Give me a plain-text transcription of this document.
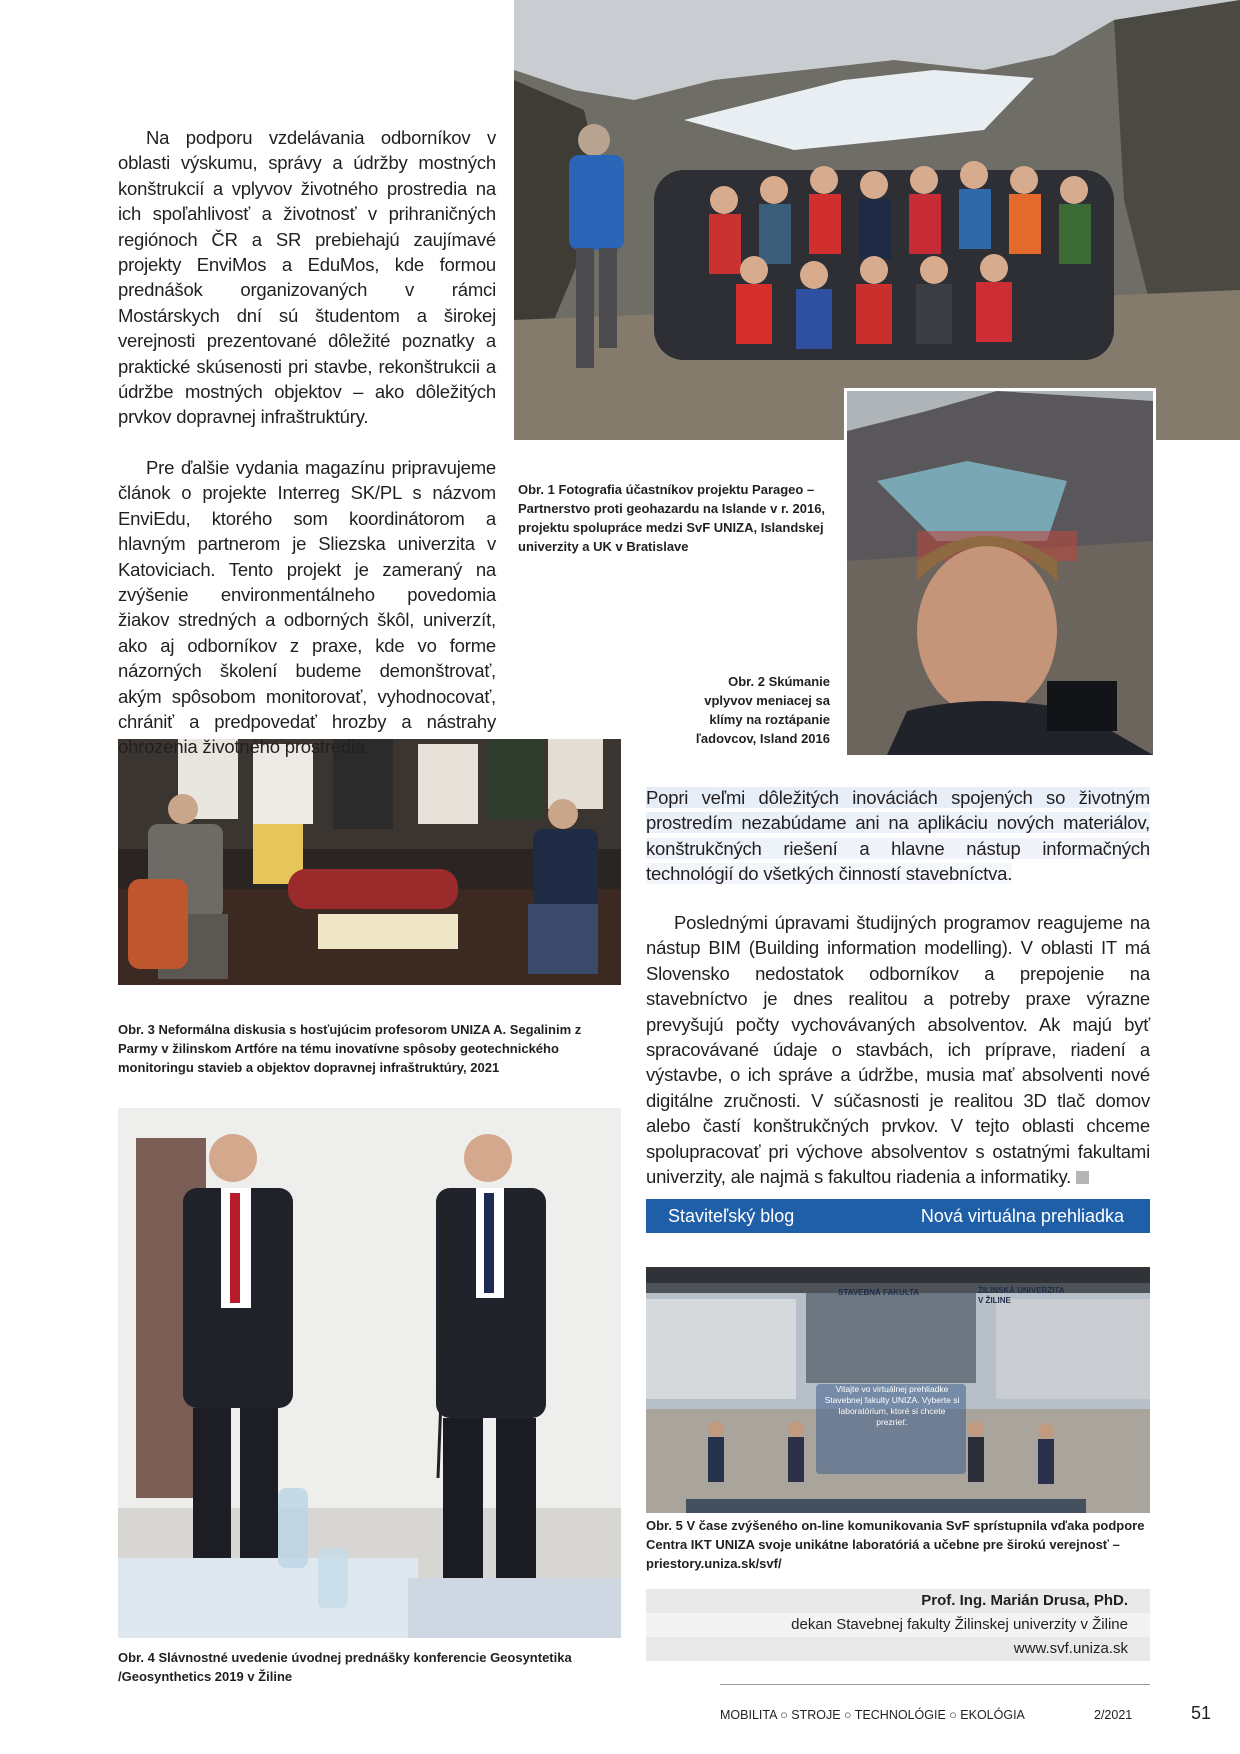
STAVEBNÁ FAKULTA	ŽILINSKÁ UNIVERZITA V ŽILINE
Vitajte vo virtuálnej prehliadke Stavebnej fakulty UNIZA. Vyberte si laboratórium, ktoré si chcete prezrieť.

Na podporu vzdelávania odborníkov v oblasti výskumu, správy a údržby mostných konštrukcií a vplyvov životného prostredia na ich spoľahlivosť a životnosť v prihraničných regiónoch ČR a SR prebiehajú zaujímavé projekty EnviMos a EduMos, kde formou prednášok organizovaných v rámci Mostárskych dní sú študentom a širokej verejnosti prezentované dôležité poznatky a praktické skúsenosti pri stavbe, rekonštrukcii a údržbe mostných objektov – ako dôležitých prvkov dopravnej infraštruktúry.

Pre ďalšie vydania magazínu pripravujeme článok o projekte Interreg SK/PL s názvom EnviEdu, ktorého som koordinátorom a hlavným partnerom je Sliezska univerzita v Katoviciach. Tento projekt je zameraný na zvýšenie environmentálneho povedomia žiakov stredných a odborných škôl, univerzít, ako aj odborníkov z praxe, kde vo forme názorných školení budeme demonštrovať, akým spôsobom monitorovať, vyhodnocovať, chrániť a predpovedať hrozby a nástrahy ohrozenia životného prostredia.

Obr. 1 Fotografia účastníkov projektu Parageo – Partnerstvo proti geohazardu na Islande v r. 2016, projektu spolupráce medzi SvF UNIZA, Islandskej univerzity a UK v Bratislave

Obr. 2 Skúmanie vplyvov meniacej sa klímy na roztápanie ľadovcov, Island 2016

Obr. 3 Neformálna diskusia s hosťujúcim profesorom UNIZA A. Segalinim z Parmy v žilinskom Artfóre na tému inovatívne spôsoby geotechnického monitoringu stavieb a objektov dopravnej infraštruktúry, 2021

Obr. 4 Slávnostné uvedenie úvodnej prednášky konferencie Geosyntetika /Geosynthetics 2019 v Žiline

Obr. 5 V čase zvýšeného on-line komunikovania SvF sprístupnila vďaka podpore Centra IKT UNIZA svoje unikátne laboratóriá a učebne pre širokú verejnosť – priestory.uniza.sk/svf/

Popri veľmi dôležitých inováciách spojených so životným prostredím nezabúdame ani na aplikáciu nových materiálov, konštrukčných riešení a hlavne nástup informačných technológií do všetkých činností stavebníctva.

Poslednými úpravami študijných programov reagujeme na nástup BIM (Building information modelling). V oblasti IT má Slovensko nedostatok odborníkov a prepojenie na stavebníctvo je dnes realitou a potreby praxe výrazne prevyšujú počty vychovávaných absolventov. Ak majú byť spracovávané údaje o stavbách, ich príprave, riadení a výstavbe, o ich správe a údržbe, musia mať absolventi nové digitálne zručnosti. V súčasnosti je realitou 3D tlač domov alebo častí konštrukčných prvkov. V tejto oblasti chceme spolupracovať pri výchove absolventov s ostatnými fakultami univerzity, ale najmä s fakultou riadenia a informatiky.

Staviteľský blog	Nová virtuálna prehliadka
Prof. Ing. Marián Drusa, PhD.
dekan Stavebnej fakulty Žilinskej univerzity v Žiline
www.svf.uniza.sk
MOBILITA ○ STROJE ○ TECHNOLÓGIE ○ EKOLÓGIA	2/2021	51
